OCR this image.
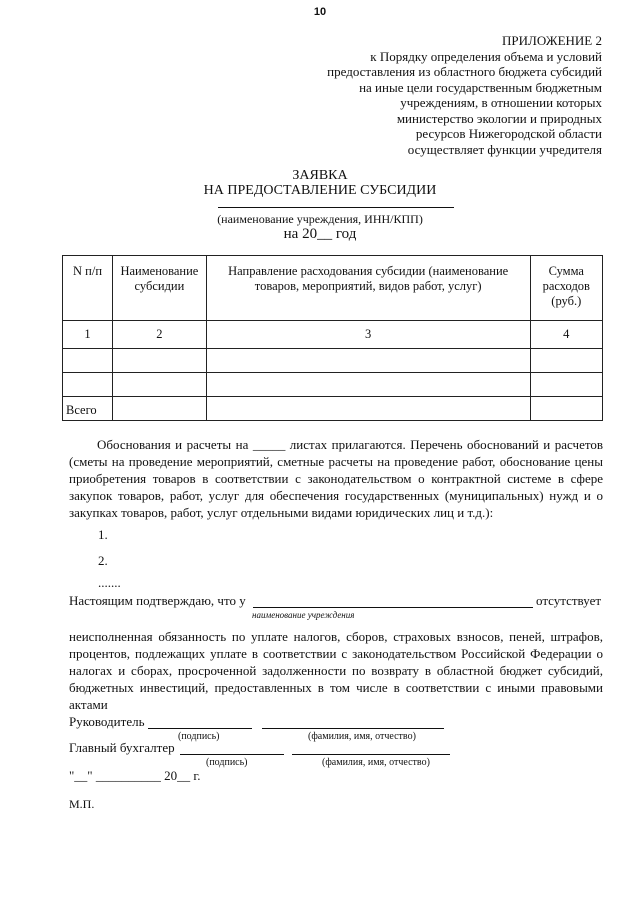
10
ПРИЛОЖЕНИЕ 2
к Порядку определения объема и условий
предоставления из областного бюджета субсидий
на иные цели государственным бюджетным
учреждениям, в отношении которых
министерство экологии и природных
ресурсов Нижегородской области
осуществляет функции учредителя
ЗАЯВКА
НА ПРЕДОСТАВЛЕНИЕ СУБСИДИИ
(наименование учреждения, ИНН/КПП)
на 20__ год
N п/п	Наименование субсидии	Направление расходования субсидии (наименование товаров, мероприятий, видов работ, услуг)	Сумма расходов (руб.)
1	2	3	4

Всего			
Обоснования и расчеты на _____ листах прилагаются. Перечень обоснований и расчетов (сметы на проведение мероприятий, сметные расчеты на проведение работ, обоснование цены приобретения товаров в соответствии с законодательством о контрактной системе в сфере закупок товаров, работ, услуг для обеспечения государственных (муниципальных) нужд и о закупках товаров, работ, услуг отдельными видами юридических лиц и т.д.):
1.
2.
.......
Настоящим подтверждаю, что у	отсутствует
наименование учреждения
неисполненная обязанность по уплате налогов, сборов, страховых взносов, пеней, штрафов, процентов, подлежащих уплате в соответствии с законодательством Российской Федерации о налогах и сборах, просроченной задолженности по возврату в областной бюджет субсидий, бюджетных инвестиций, предоставленных в том числе в соответствии с иными правовыми актами
Руководитель
(подпись)	(фамилия, имя, отчество)
Главный бухгалтер
(подпись)	(фамилия, имя, отчество)
"__" __________ 20__ г.
М.П.
